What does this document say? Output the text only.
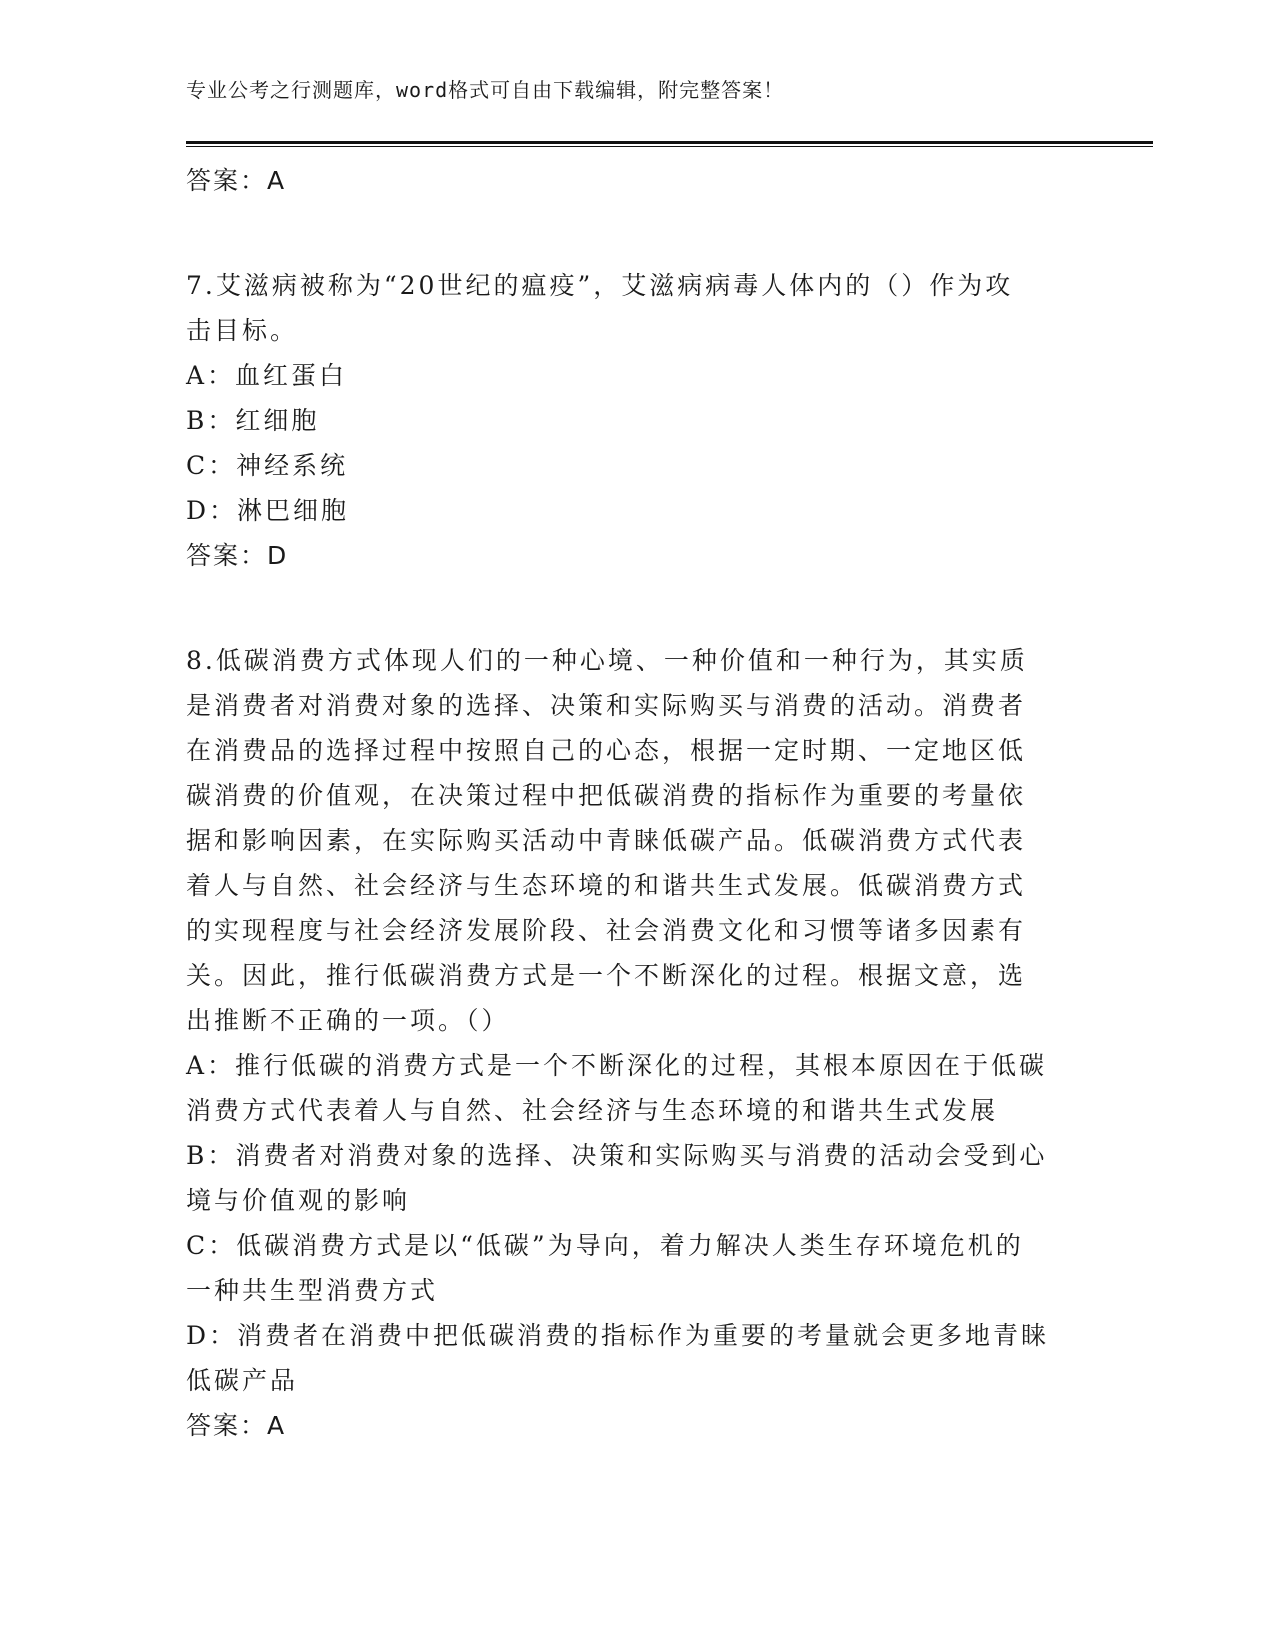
专业公考之行测题库，word格式可自由下载编辑，附完整答案！
答案：A
7.艾滋病被称为“20世纪的瘟疫”，艾滋病病毒人体内的（）作为攻
击目标。
A：血红蛋白
B：红细胞
C：神经系统
D：淋巴细胞
答案：D
8.低碳消费方式体现人们的一种心境、一种价值和一种行为，其实质
是消费者对消费对象的选择、决策和实际购买与消费的活动。消费者
在消费品的选择过程中按照自己的心态，根据一定时期、一定地区低
碳消费的价值观，在决策过程中把低碳消费的指标作为重要的考量依
据和影响因素，在实际购买活动中青睐低碳产品。低碳消费方式代表
着人与自然、社会经济与生态环境的和谐共生式发展。低碳消费方式
的实现程度与社会经济发展阶段、社会消费文化和习惯等诸多因素有
关。因此，推行低碳消费方式是一个不断深化的过程。根据文意，选
出推断不正确的一项。（）
A：推行低碳的消费方式是一个不断深化的过程，其根本原因在于低碳
消费方式代表着人与自然、社会经济与生态环境的和谐共生式发展
B：消费者对消费对象的选择、决策和实际购买与消费的活动会受到心
境与价值观的影响
C：低碳消费方式是以“低碳”为导向，着力解决人类生存环境危机的
一种共生型消费方式
D：消费者在消费中把低碳消费的指标作为重要的考量就会更多地青睐
低碳产品
答案：A
